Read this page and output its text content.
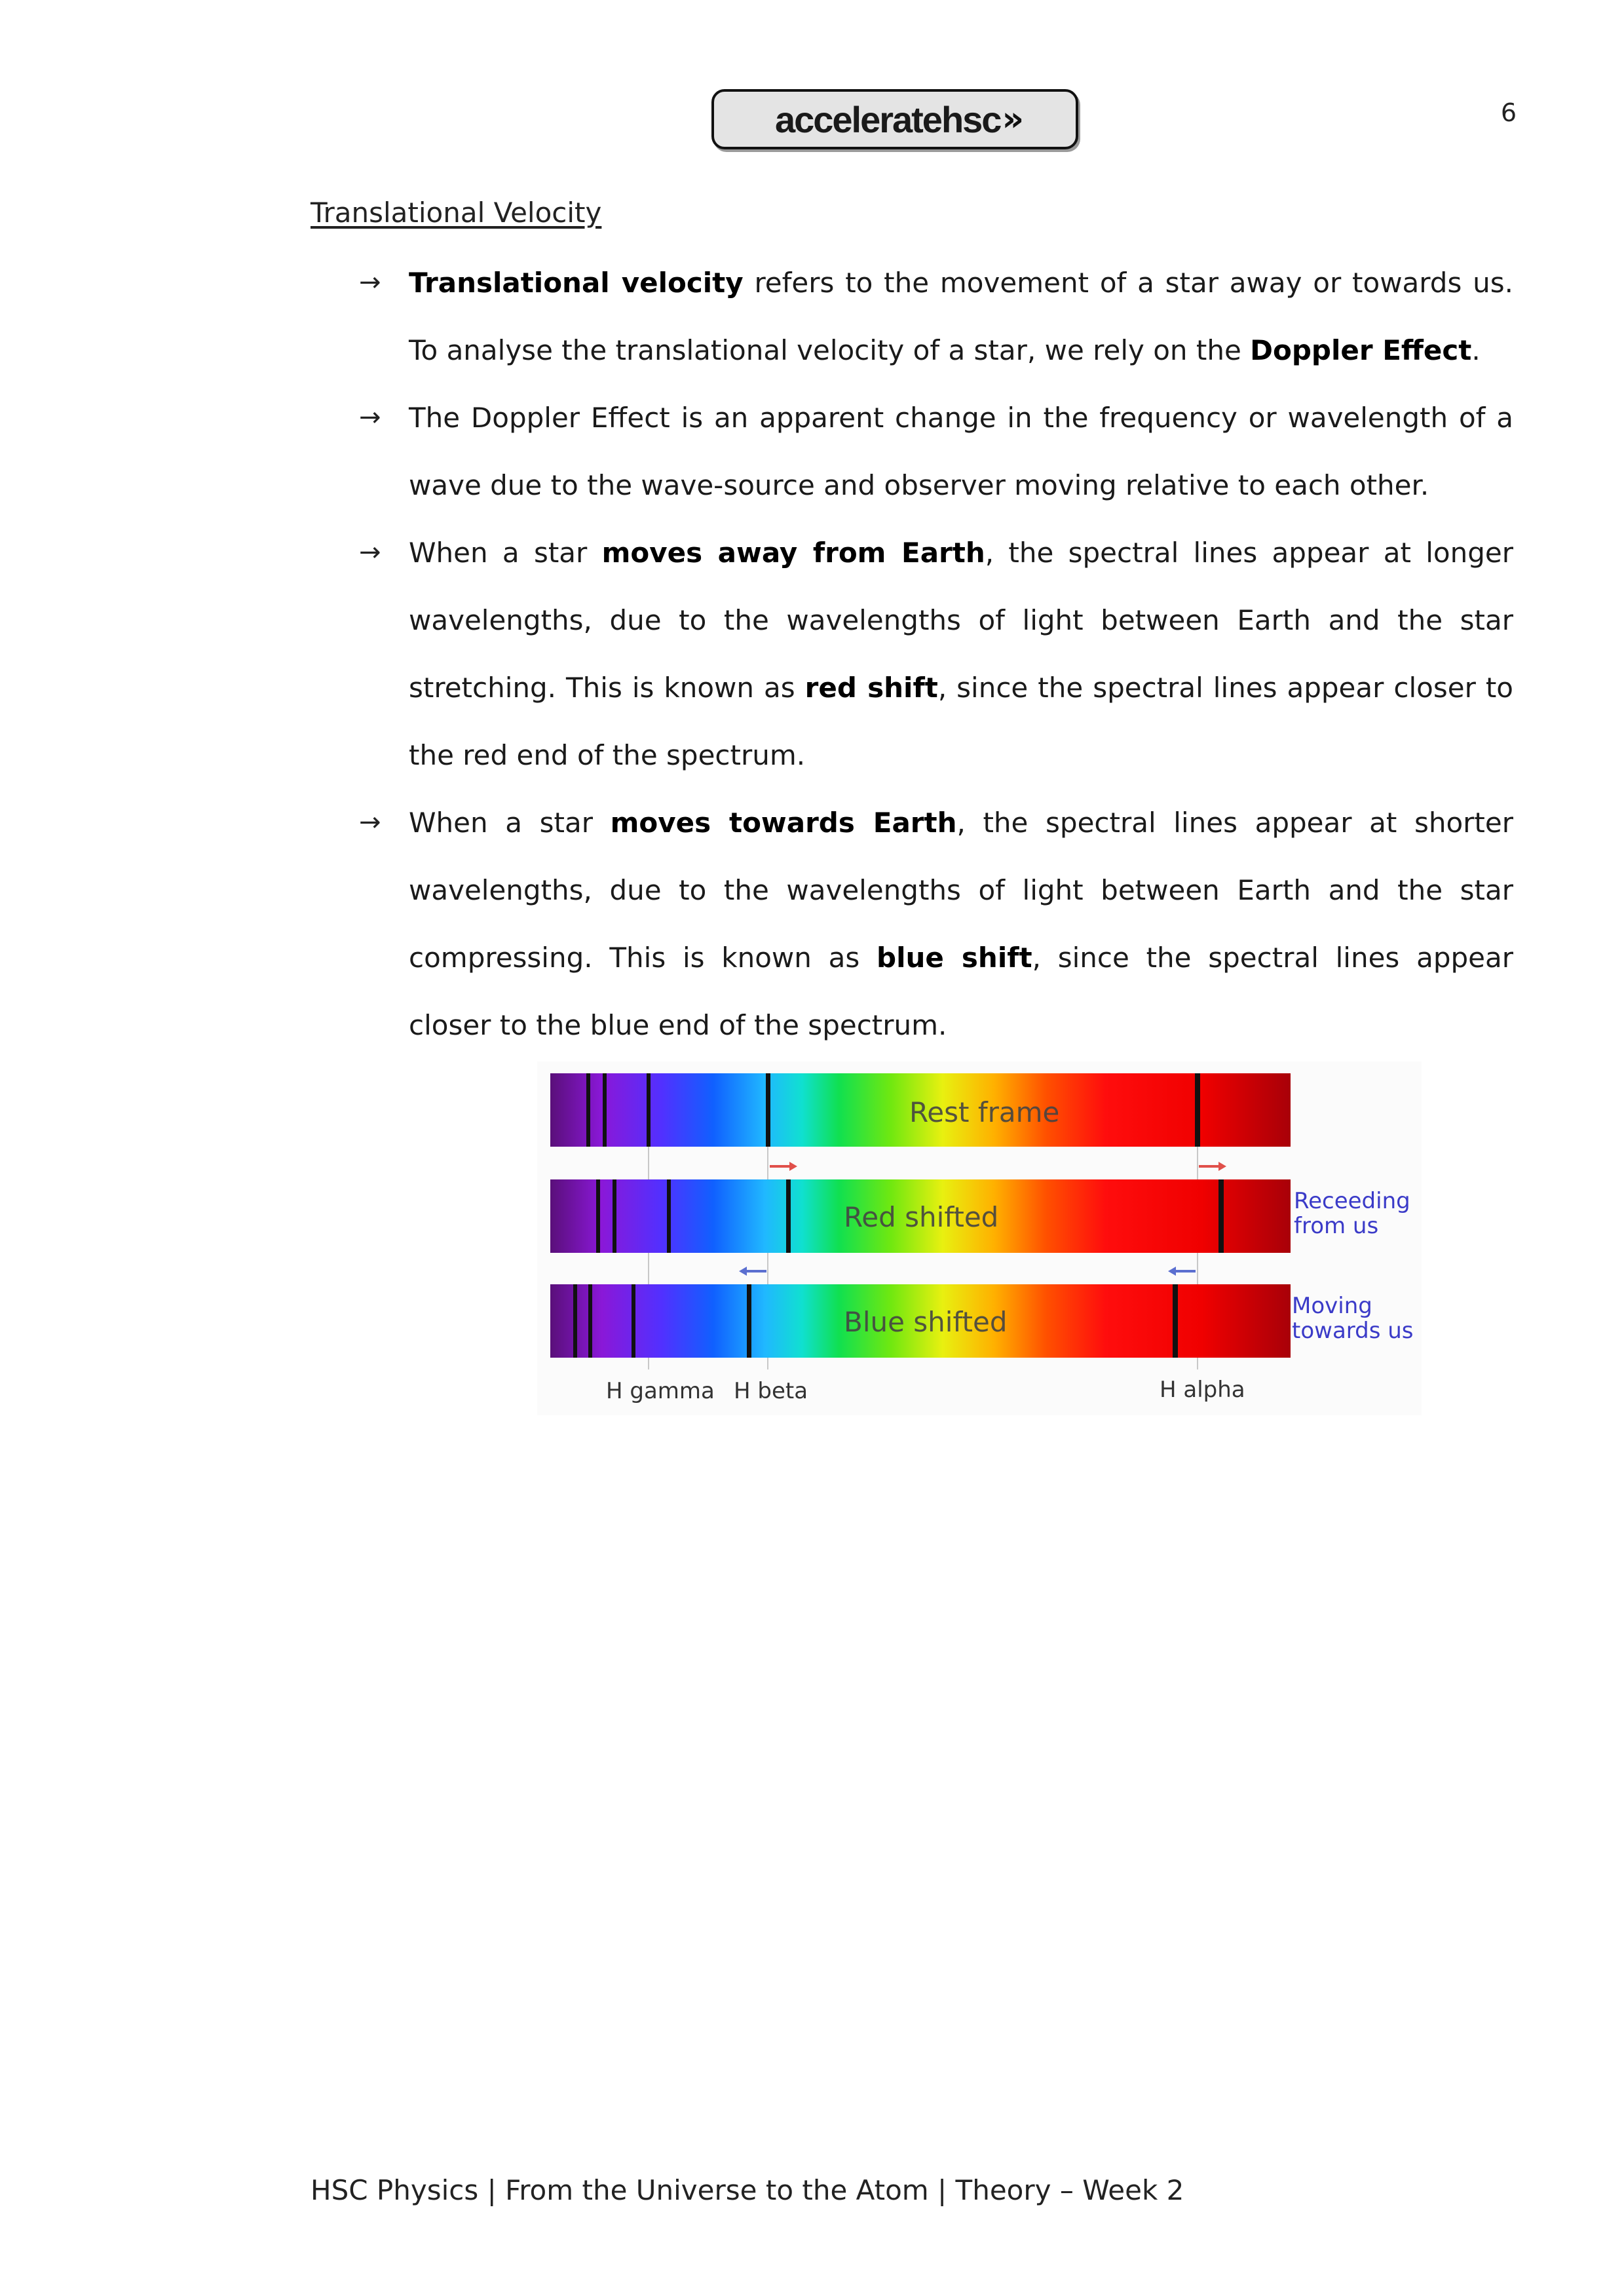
acceleratehsc »	6
Translational Velocity
→ Translational velocity refers to the movement of a star away or towards us. To analyse the translational velocity of a star, we rely on the Doppler Effect.
→ The Doppler Effect is an apparent change in the frequency or wavelength of a wave due to the wave-source and observer moving relative to each other.
→ When a star moves away from Earth, the spectral lines appear at longer wavelengths, due to the wavelengths of light between Earth and the star stretching. This is known as red shift, since the spectral lines appear closer to the red end of the spectrum.
→ When a star moves towards Earth, the spectral lines appear at shorter wavelengths, due to the wavelengths of light between Earth and the star compressing. This is known as blue shift, since the spectral lines appear closer to the blue end of the spectrum.
Rest frame
Red shifted	Receeding
from us
Blue shifted	Moving
towards us
H gamma H beta	H alpha
HSC Physics | From the Universe to the Atom | Theory – Week 2
